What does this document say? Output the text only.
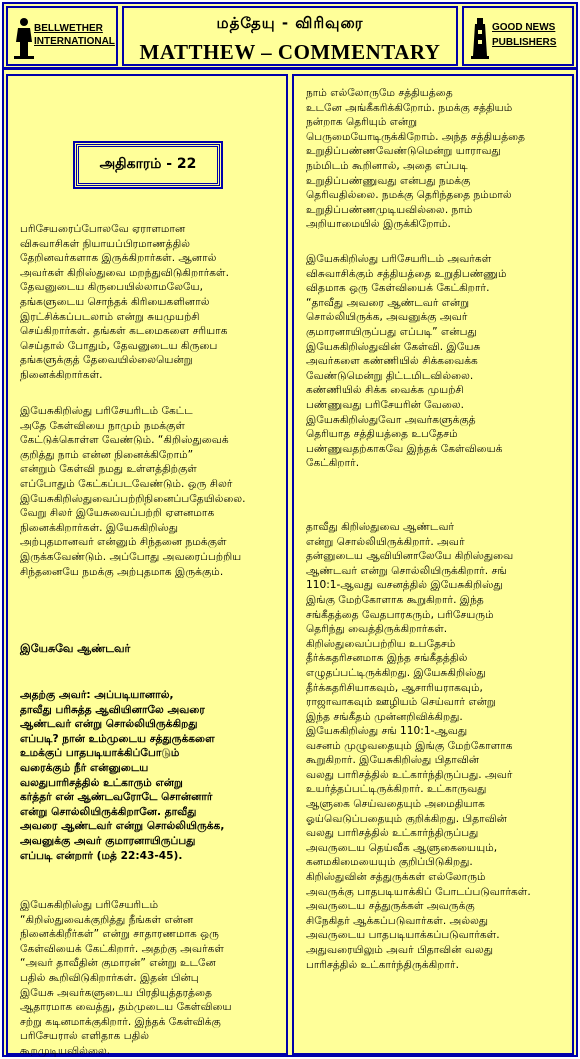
BELLWETHER
INTERNATIONAL
மத்தேயு - விரிவுரை
MATTHEW – COMMENTARY
GOOD NEWS
PUBLISHERS
அதிகாரம் - 22
பரிசேயரைப்போலவே ஏராளமான
விசுவாசிகள் நியாயப்பிரமாணத்தில்
தேறினவர்களாக இருக்கிறார்கள். ஆனால்
அவர்கள் கிறிஸ்துவை மறந்துவிடுகிறார்கள்.
தேவனுடைய கிருபையில்லாமலேயே,
தங்களுடைய சொந்தக் கிரியைகளினால்
இரட்சிக்கப்படலாம் என்று சுயமுயற்சி
செய்கிறார்கள். தங்கள் கடமைகளை சரியாக
செய்தால் போதும், தேவனுடைய கிருபை
தங்களுக்குத் தேவையில்லையென்று
நினைக்கிறார்கள்.
இயேசுகிறிஸ்து பரிசேயரிடம் கேட்ட
அதே கேள்வியை நாமும் நமக்குள்
கேட்டுக்கொள்ள வேண்டும். “கிறிஸ்துவைக்
குறித்து நாம் என்ன நினைக்கிறோம்”
என்றும் கேள்வி நமது உள்ளத்திற்குள்
எப்போதும் கேட்கப்படவேண்டும். ஒரு சிலர்
இயேசுகிறிஸ்துவைப்பற்றிநினைப்பதேயில்லை.
வேறு சிலர் இயேசுவைப்பற்றி ஏளனமாக
நினைக்கிறார்கள். இயேசுகிறிஸ்து
அற்புதமானவர் என்னும் சிந்தனை நமக்குள்
இருக்கவேண்டும். அப்போது அவரைப்பற்றிய
சிந்தனையே நமக்கு அற்புதமாக இருக்கும்.
இயேசுவே ஆண்டவர்
அதற்கு அவர்: அப்படியானால்,
தாவீது பரிசுத்த ஆவியினாலே அவரை
ஆண்டவர் என்று சொல்லியிருக்கிறது
எப்படி? நான் உம்முடைய சத்துருக்களை
உமக்குப் பாதபடியாக்கிப்போடும்
வரைக்கும் நீர் என்னுடைய
வலதுபாரிசத்தில் உட்காரும் என்று
கர்த்தர் என் ஆண்டவரோடே சொன்னார்
என்று சொல்லியிருக்கிறானே. தாவீது
அவரை ஆண்டவர் என்று சொல்லியிருக்க,
அவனுக்கு அவர் குமாரனாயிருப்பது
எப்படி என்றார் (மத் 22:43-45).
இயேசுகிறிஸ்து பரிசேயரிடம்
“கிறிஸ்துவைக்குறித்து நீங்கள் என்ன
நினைக்கிறீர்கள்” என்று சாதாரணமாக ஒரு
கேள்வியைக் கேட்கிறார். அதற்கு அவர்கள்
“அவர் தாவீதின் குமாரன்” என்று உடனே
பதில் கூறிவிடுகிறார்கள். இதன் பின்பு
இயேசு அவர்களுடைய பிரதியுத்தரத்தை
ஆதாரமாக வைத்து, தம்முடைய கேள்வியை
சற்று கடினமாக்குகிறார். இந்தக் கேள்விக்கு
பரிசேயரால் எளிதாக பதில்
கூறமுடியவில்லை.
நாம் எல்லோருமே சத்தியத்தை
உடனே அங்கீகரிக்கிறோம். நமக்கு சத்தியம்
நன்றாக தெரியும் என்று
பெருமையோடிருக்கிறோம். அந்த சத்தியத்தை
உறுதிப்பண்ணவேண்டுமென்று யாராவது
நம்மிடம் கூறினால், அதை எப்படி
உறுதிப்பண்ணுவது என்பது நமக்கு
தெரிவதில்லை. நமக்கு தெரிந்ததை நம்மால்
உறுதிப்பண்ணமுடியவில்லை. நாம்
அறியாமையில் இருக்கிறோம்.
இயேசுகிறிஸ்து பரிசேயரிடம் அவர்கள்
விசுவாசிக்கும் சத்தியத்தை உறுதிபண்ணும்
விதமாக ஒரு கேள்வியைக் கேட்கிறார்.
“தாவீது அவரை ஆண்டவர் என்று
சொல்லியிருக்க, அவனுக்கு அவர்
குமாரனாயிருப்பது எப்படி” என்பது
இயேசுகிறிஸ்துவின் கேள்வி. இயேசு
அவர்களை கண்ணியில் சிக்கவைக்க
வேண்டுமென்று திட்டமிடவில்லை.
கண்ணியில் சிக்க வைக்க முயற்சி
பண்ணுவது பரிசேயரின் வேலை.
இயேசுகிறிஸ்துவோ அவர்களுக்குத்
தெரியாத சத்தியத்தை உபதேசம்
பண்ணுவதற்காகவே இந்தக் கேள்வியைக்
கேட்கிறார்.
தாவீது கிறிஸ்துவை ஆண்டவர்
என்று சொல்லியிருக்கிறார். அவர்
தன்னுடைய ஆவியினாலேயே கிறிஸ்துவை
ஆண்டவர் என்று சொல்லியிருக்கிறார். சங்
110:1-ஆவது வசனத்தில் இயேசுகிறிஸ்து
இங்கு மேற்கோளாக கூறுகிறார். இந்த
சங்கீதத்தை வேதபாரகரும், பரிசேயரும்
தெரிந்து வைத்திருக்கிறார்கள்.
கிறிஸ்துவைப்பற்றிய உபதேசம்
தீர்க்கதரிசனமாக இந்த சங்கீதத்தில்
எழுதப்பட்டிருக்கிறது. இயேசுகிறிஸ்து
தீர்க்கதரிசியாகவும், ஆசாரியராகவும்,
ராஜாவாகவும் ஊழியம் செய்வார் என்று
இந்த சங்கீதம் முன்னறிவிக்கிறது.
இயேசுகிறிஸ்து சங் 110:1-ஆவது
வசனம் முழுவதையும் இங்கு மேற்கோளாக
கூறுகிறார். இயேசுகிறிஸ்து பிதாவின்
வலது பாரிசத்தில் உட்கார்ந்திருப்பது. அவர்
உயர்த்தப்பட்டிருக்கிறார். உட்காருவது
ஆளுகை செய்வதையும் அமைதியாக
ஓய்வெடுப்பதையும் குறிக்கிறது. பிதாவின்
வலது பாரிசத்தில் உட்கார்ந்திருப்பது
அவருடைய தெய்வீக ஆளுகையையும்,
கனமகிமையையும் குறிப்பிடுகிறது.
கிறிஸ்துவின் சத்துருக்கள் எல்லோரும்
அவருக்கு பாதபடியாக்கிப் போடப்படுவார்கள்.
அவருடைய சத்துருக்கள் அவருக்கு
சிநேகிதர் ஆக்கப்படுவார்கள். அல்லது
அவருடைய பாதபடியாக்கப்படுவார்கள்.
அதுவரையிலும் அவர் பிதாவின் வலது
பாரிசத்தில் உட்கார்ந்திருக்கிறார்.
